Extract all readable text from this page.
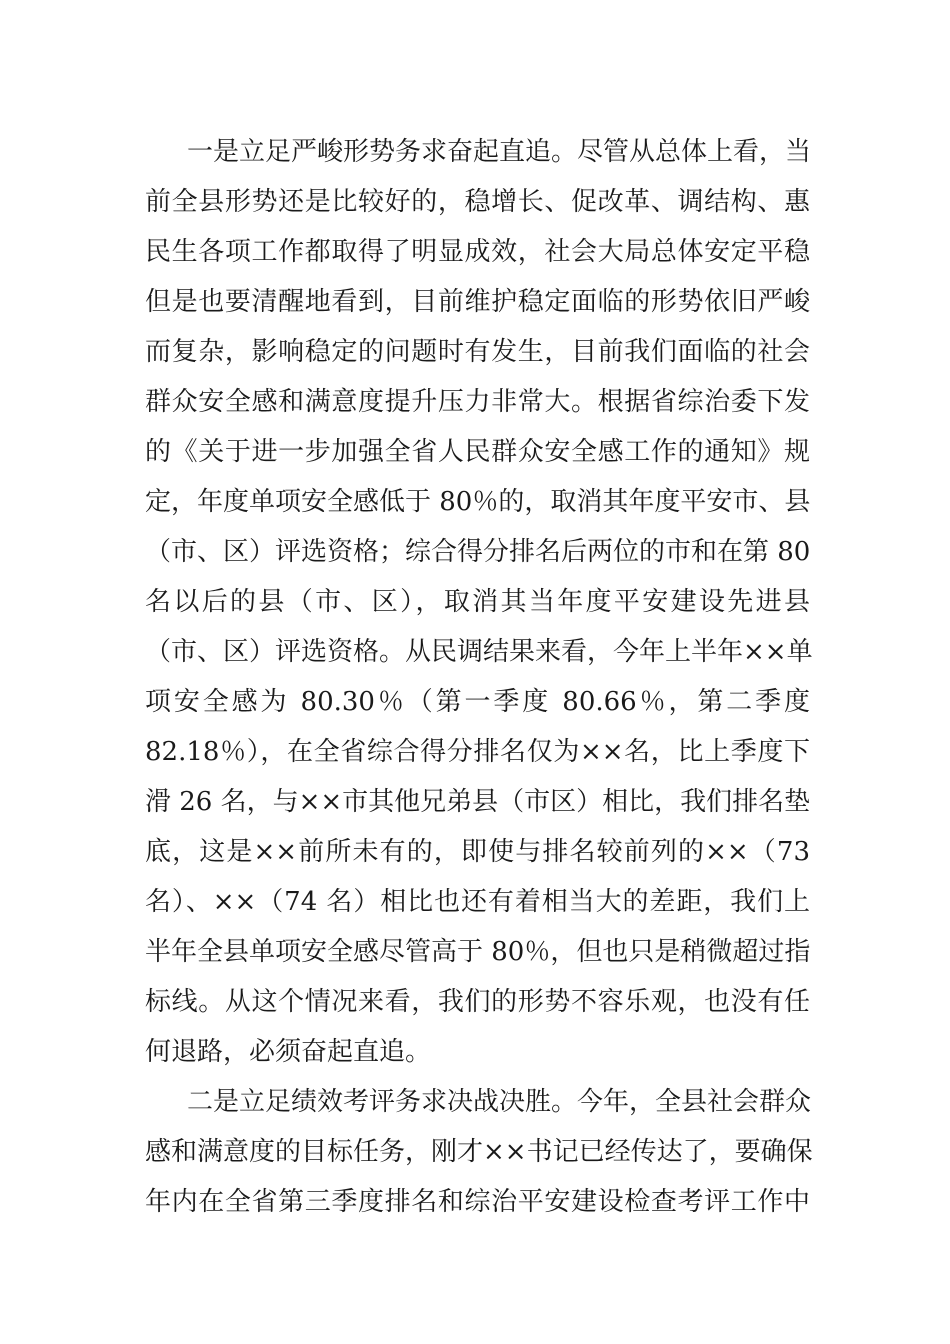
一是立足严峻形势务求奋起直追。尽管从总体上看，当
前全县形势还是比较好的，稳增长、促改革、调结构、惠
民生各项工作都取得了明显成效，社会大局总体安定平稳
但是也要清醒地看到，目前维护稳定面临的形势依旧严峻
而复杂，影响稳定的问题时有发生，目前我们面临的社会
群众安全感和满意度提升压力非常大。根据省综治委下发
的《关于进一步加强全省人民群众安全感工作的通知》规
定，年度单项安全感低于 80％的，取消其年度平安市、县
（市、区）评选资格；综合得分排名后两位的市和在第 80
名以后的县（市、区），取消其当年度平安建设先进县
（市、区）评选资格。从民调结果来看，今年上半年××单
项安全感为 80.30％（第一季度 80.66％，第二季度
82.18％），在全省综合得分排名仅为××名，比上季度下
滑 26 名，与××市其他兄弟县（市区）相比，我们排名垫
底，这是××前所未有的，即使与排名较前列的××（73
名）、××（74 名）相比也还有着相当大的差距，我们上
半年全县单项安全感尽管高于 80％，但也只是稍微超过指
标线。从这个情况来看，我们的形势不容乐观，也没有任
何退路，必须奋起直追。
二是立足绩效考评务求决战决胜。今年，全县社会群众
感和满意度的目标任务，刚才××书记已经传达了，要确保
年内在全省第三季度排名和综治平安建设检查考评工作中
